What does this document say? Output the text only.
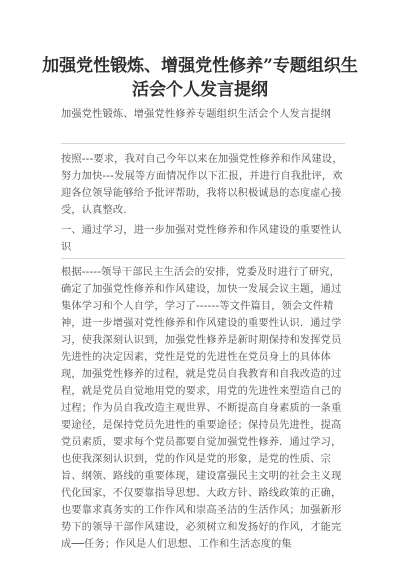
加强党性锻炼、增强党性修养”专题组织生活会个人发言提纲

加强党性锻炼、增强党性修养专题组织生活会个人发言提纲

按照---要求，我对自己今年以来在加强党性修养和作风建设，努力加快---发展等方面情况作以下汇报，并进行自我批评，欢迎各位领导能够给予批评帮助，我将以积极诚恳的态度虚心接受，认真整改.

一、通过学习，进一步加强对党性修养和作风建设的重要性认识

根据-----领导干部民主生活会的安排，党委及时进行了研究，确定了加强党性修养和作风建设，加快一发展会议主题，通过集体学习和个人自学，学习了------等文件篇目，领会文件精神，进一步增强对党性修养和作风建设的重要性认识．通过学习，使我深刻认识到，加强党性修养是新时期保持和发挥党员先进性的决定因素，党性是党的先进性在党员身上的具体体现，加强党性修养的过程，就是党员自我教育和自我改造的过程，就是党员自觉地用党的要求，用党的先进性来塑造自己的过程；作为员自我改造主观世界、不断提高自身素质的一条重要途径，是保持党员先进性的重要途径；保持员先进性，提高党员素质，要求每个党员都要自觉加强党性修养．通过学习，也使我深刻认识到，党的作风是党的形象，是党的性质、宗旨、纲领、路线的重要体现，建设富强民主文明的社会主义现代化国家，不仅要靠指导思想、大政方针、路线政策的正确，也要靠求真务实的工作作风和崇高圣洁的生活作风；加强新形势下的领导干部作风建设，必须树立和发扬好的作风，才能完成──任务；作风是人们思想、工作和生活态度的集
